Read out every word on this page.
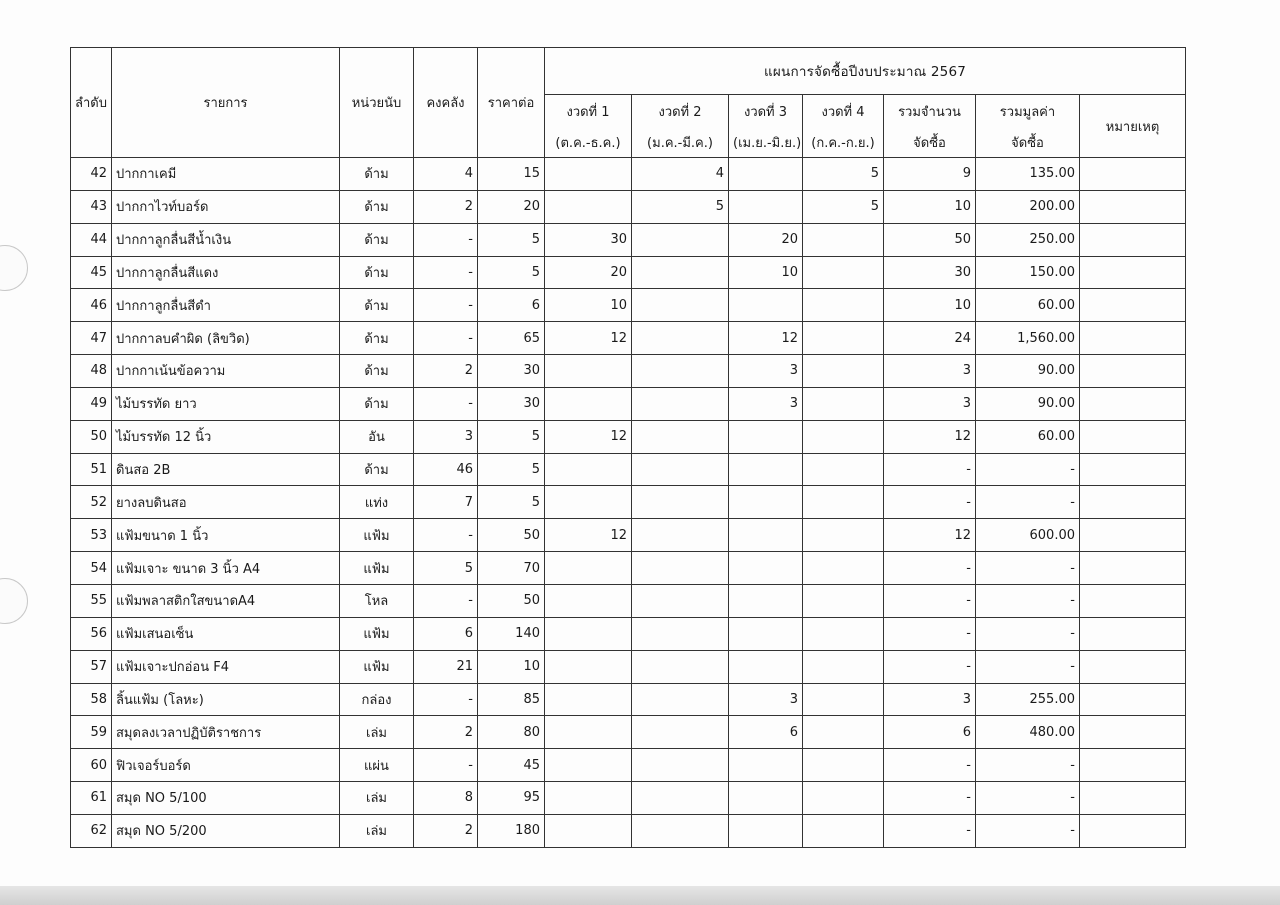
ลำดับ	รายการ	หน่วยนับ	คงคลัง	ราคาต่อ	แผนการจัดซื้อปีงบประมาณ 2567						
					งวดที่ 1	งวดที่ 2	งวดที่ 3	งวดที่ 4	รวมจำนวน	รวมมูลค่า	หมายเหตุ
					(ต.ค.-ธ.ค.)	(ม.ค.-มี.ค.)	(เม.ย.-มิ.ย.)	(ก.ค.-ก.ย.)	จัดซื้อ	จัดซื้อ	
42	ปากกาเคมี	ด้าม	4	15		4		5	9	135.00	
43	ปากกาไวท์บอร์ด	ด้าม	2	20		5		5	10	200.00	
44	ปากกาลูกลื่นสีน้ำเงิน	ด้าม	-	5	30		20		50	250.00	
45	ปากกาลูกลื่นสีแดง	ด้าม	-	5	20		10		30	150.00	
46	ปากกาลูกลื่นสีดำ	ด้าม	-	6	10				10	60.00	
47	ปากกาลบคำผิด (ลิขวิด)	ด้าม	-	65	12		12		24	1,560.00	
48	ปากกาเน้นข้อความ	ด้าม	2	30			3		3	90.00	
49	ไม้บรรทัด ยาว	ด้าม	-	30			3		3	90.00	
50	ไม้บรรทัด 12 นิ้ว	อัน	3	5	12				12	60.00	
51	ดินสอ 2B	ด้าม	46	5					-	-	
52	ยางลบดินสอ	แท่ง	7	5					-	-	
53	แฟ้มขนาด 1 นิ้ว	แฟ้ม	-	50	12				12	600.00	
54	แฟ้มเจาะ ขนาด 3 นิ้ว A4	แฟ้ม	5	70					-	-	
55	แฟ้มพลาสติกใสขนาดA4	โหล	-	50					-	-	
56	แฟ้มเสนอเซ็น	แฟ้ม	6	140					-	-	
57	แฟ้มเจาะปกอ่อน F4	แฟ้ม	21	10					-	-	
58	ลิ้นแฟ้ม (โลหะ)	กล่อง	-	85			3		3	255.00	
59	สมุดลงเวลาปฏิบัติราชการ	เล่ม	2	80			6		6	480.00	
60	ฟิวเจอร์บอร์ด	แผ่น	-	45					-	-	
61	สมุด NO 5/100	เล่ม	8	95					-	-	
62	สมุด NO 5/200	เล่ม	2	180					-	-	
